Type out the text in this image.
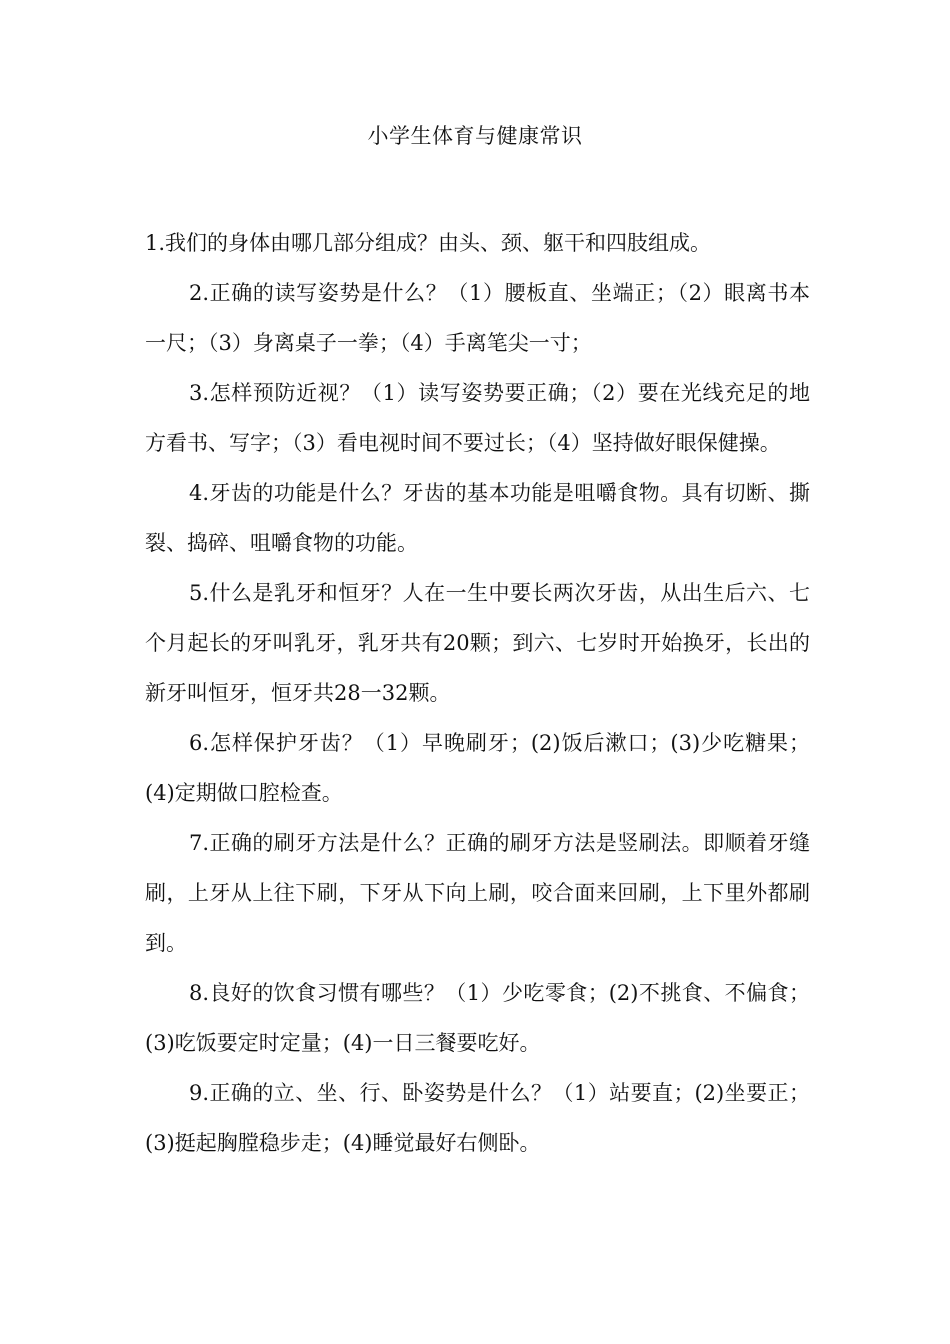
小学生体育与健康常识

1.我们的身体由哪几部分组成？由头、颈、躯干和四肢组成。

2.正确的读写姿势是什么？（1）腰板直、坐端正；（2）眼离书本一尺；（3）身离桌子一拳；（4）手离笔尖一寸；

3.怎样预防近视？（1）读写姿势要正确；（2）要在光线充足的地方看书、写字；（3）看电视时间不要过长；（4）坚持做好眼保健操。

4.牙齿的功能是什么？牙齿的基本功能是咀嚼食物。具有切断、撕裂、捣碎、咀嚼食物的功能。

5.什么是乳牙和恒牙？人在一生中要长两次牙齿，从出生后六、七个月起长的牙叫乳牙，乳牙共有20颗；到六、七岁时开始换牙，长出的新牙叫恒牙，恒牙共28一32颗。

6.怎样保护牙齿？（1）早晚刷牙；(2)饭后漱口；(3)少吃糖果；(4)定期做口腔检查。

7.正确的刷牙方法是什么？正确的刷牙方法是竖刷法。即顺着牙缝刷，上牙从上往下刷，下牙从下向上刷，咬合面来回刷，上下里外都刷到。

8.良好的饮食习惯有哪些？（1）少吃零食；(2)不挑食、不偏食；(3)吃饭要定时定量；(4)一日三餐要吃好。

9.正确的立、坐、行、卧姿势是什么？（1）站要直；(2)坐要正；(3)挺起胸膛稳步走；(4)睡觉最好右侧卧。
